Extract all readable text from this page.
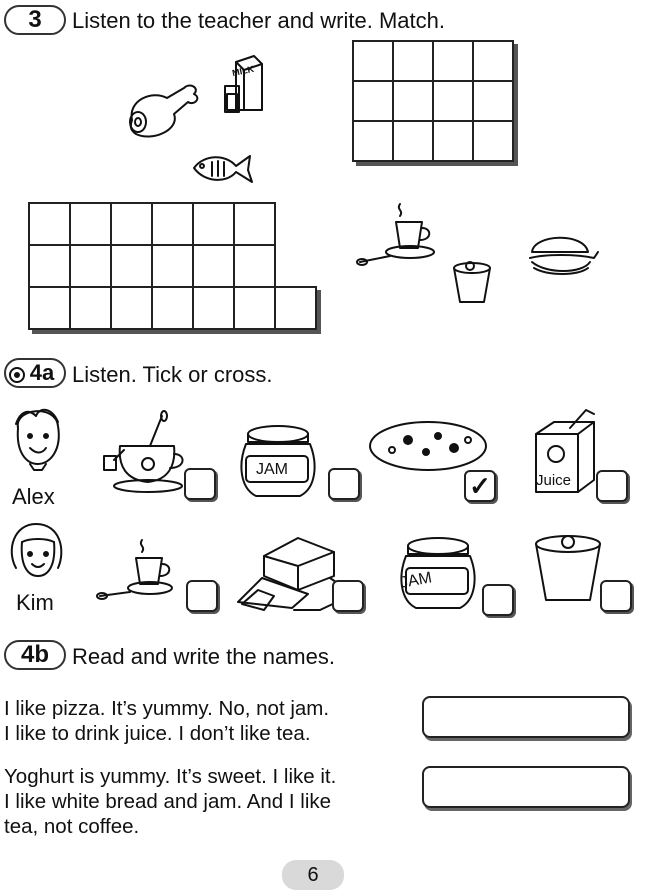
3	Listen to the teacher and write. Match.
MILK

4a Listen. Tick or cross.
Alex
JAM
✓	Juice
Kim
JAM
4b	Read and write the names.
I like pizza. It’s yummy. No, not jam.
I like to drink juice. I don’t like tea.
Yoghurt is yummy. It’s sweet. I like it.
I like white bread and jam. And I like
tea, not coffee.
6
